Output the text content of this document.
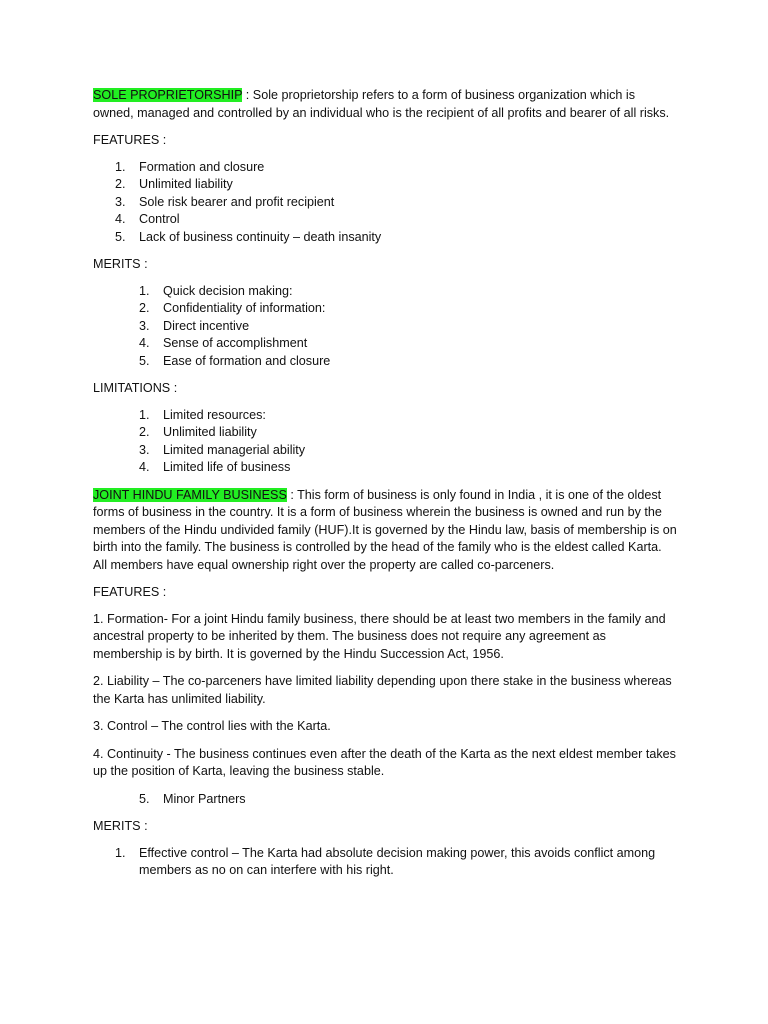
SOLE PROPRIETORSHIP : Sole proprietorship refers to a form of business organization which is owned, managed and controlled by an individual who is the recipient of all profits and bearer of all risks.

FEATURES :

1. Formation and closure
2. Unlimited liability
3. Sole risk bearer and profit recipient
4. Control
5. Lack of business continuity – death insanity

MERITS :

1. Quick decision making:
2. Confidentiality of information:
3. Direct incentive
4. Sense of accomplishment
5. Ease of formation and closure

LIMITATIONS :

1. Limited resources:
2. Unlimited liability
3. Limited managerial ability
4. Limited life of business

JOINT HINDU FAMILY BUSINESS : This form of business is only found in India , it is one of the oldest forms of business in the country. It is a form of business wherein the business is owned and run by the members of the Hindu undivided family (HUF).It is governed by the Hindu law, basis of membership is on birth into the family. The business is controlled by the head of the family who is the eldest called Karta. All members have equal ownership right over the property are called co-parceners.

FEATURES :

1. Formation- For a joint Hindu family business, there should be at least two members in the family and ancestral property to be inherited by them. The business does not require any agreement as membership is by birth. It is governed by the Hindu Succession Act, 1956.

2. Liability – The co-parceners have limited liability depending upon there stake in the business whereas the Karta has unlimited liability.

3. Control – The control lies with the Karta.

4. Continuity - The business continues even after the death of the Karta as the next eldest member takes up the position of Karta, leaving the business stable.

5. Minor Partners

MERITS :

1. Effective control – The Karta had absolute decision making power, this avoids conflict among members as no on can interfere with his right.
